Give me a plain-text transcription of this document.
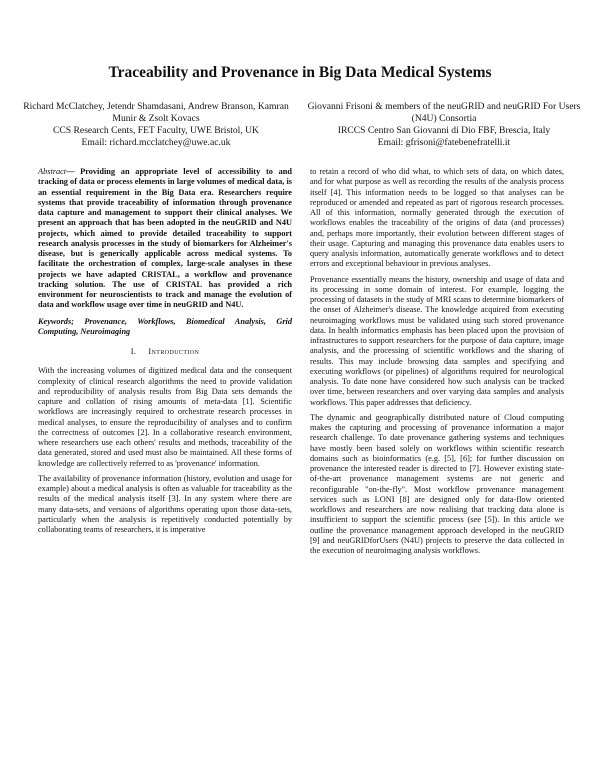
Traceability and Provenance in Big Data Medical Systems
Richard McClatchey, Jetendr Shamdasani, Andrew Branson, Kamran Munir & Zsolt Kovacs
CCS Research Cents, FET Faculty, UWE Bristol, UK
Email: richard.mcclatchey@uwe.ac.uk
Giovanni Frisoni & members of the neuGRID and neuGRID For Users (N4U) Consortia
IRCCS Centro San Giovanni di Dio FBF, Brescia, Italy
Email: gfrisoni@fatebenefratelli.it

Abstract— Providing an appropriate level of accessibility to and tracking of data or process elements in large volumes of medical data, is an essential requirement in the Big Data era. Researchers require systems that provide traceability of information through provenance data capture and management to support their clinical analyses. We present an approach that has been adopted in the neuGRID and N4U projects, which aimed to provide detailed traceability to support research analysis processes in the study of biomarkers for Alzheimer's disease, but is generically applicable across medical systems. To facilitate the orchestration of complex, large-scale analyses in these projects we have adapted CRISTAL, a workflow and provenance tracking solution. The use of CRISTAL has provided a rich environment for neuroscientists to track and manage the evolution of data and workflow usage over time in neuGRID and N4U.

Keywords; Provenance, Workflows, Biomedical Analysis, Grid Computing, Neuroimaging

I. Introduction

With the increasing volumes of digitized medical data and the consequent complexity of clinical research algorithms the need to provide validation and reproducibility of analysis results from Big Data sets demands the capture and collation of rising amounts of meta-data [1]. Scientific workflows are increasingly required to orchestrate research processes in medical analyses, to ensure the reproducibility of analyses and to confirm the correctness of outcomes [2]. In a collaborative research environment, where researchers use each others' results and methods, traceability of the data generated, stored and used must also be maintained. All these forms of knowledge are collectively referred to as 'provenance' information.

The availability of provenance information (history, evolution and usage for example) about a medical analysis is often as valuable for traceability as the results of the medical analysis itself [3]. In any system where there are many data-sets, and versions of algorithms operating upon those data-sets, particularly when the analysis is repetitively conducted potentially by collaborating teams of researchers, it is imperative

to retain a record of who did what, to which sets of data, on which dates, and for what purpose as well as recording the results of the analysis process itself [4]. This information needs to be logged so that analyses can be reproduced or amended and repeated as part of rigorous research processes. All of this information, normally generated through the execution of workflows enables the traceability of the origins of data (and processes) and, perhaps more importantly, their evolution between different stages of their usage. Capturing and managing this provenance data enables users to query analysis information, automatically generate workflows and to detect errors and exceptional behaviour in previous analyses.

Provenance essentially means the history, ownership and usage of data and its processing in some domain of interest. For example, logging the processing of datasets in the study of MRI scans to determine biomarkers of the onset of Alzheimer's disease. The knowledge acquired from executing neuroimaging workflows must be validated using such stored provenance data. In health informatics emphasis has been placed upon the provision of infrastructures to support researchers for the purpose of data capture, image analysis, and the processing of scientific workflows and the sharing of results. This may include browsing data samples and specifying and executing workflows (or pipelines) of algorithms required for neurological analysis. To date none have considered how such analysis can be tracked over time, between researchers and over varying data samples and analysis workflows. This paper addresses that deficiency.

The dynamic and geographically distributed nature of Cloud computing makes the capturing and processing of provenance information a major research challenge. To date provenance gathering systems and techniques have mostly been based solely on workflows within scientific research domains such as bioinformatics (e.g. [5], [6]; for further discussion on provenance the interested reader is directed to [7]. However existing state-of-the-art provenance management systems are not generic and reconfigurable "on-the-fly". Most workflow provenance management services such as LONI [8] are designed only for data-flow oriented workflows and researchers are now realising that tracking data alone is insufficient to support the scientific process (see [5]). In this article we outline the provenance management approach developed in the neuGRID [9] and neuGRIDforUsers (N4U) projects to preserve the data collected in the execution of neuroimaging analysis workflows.
